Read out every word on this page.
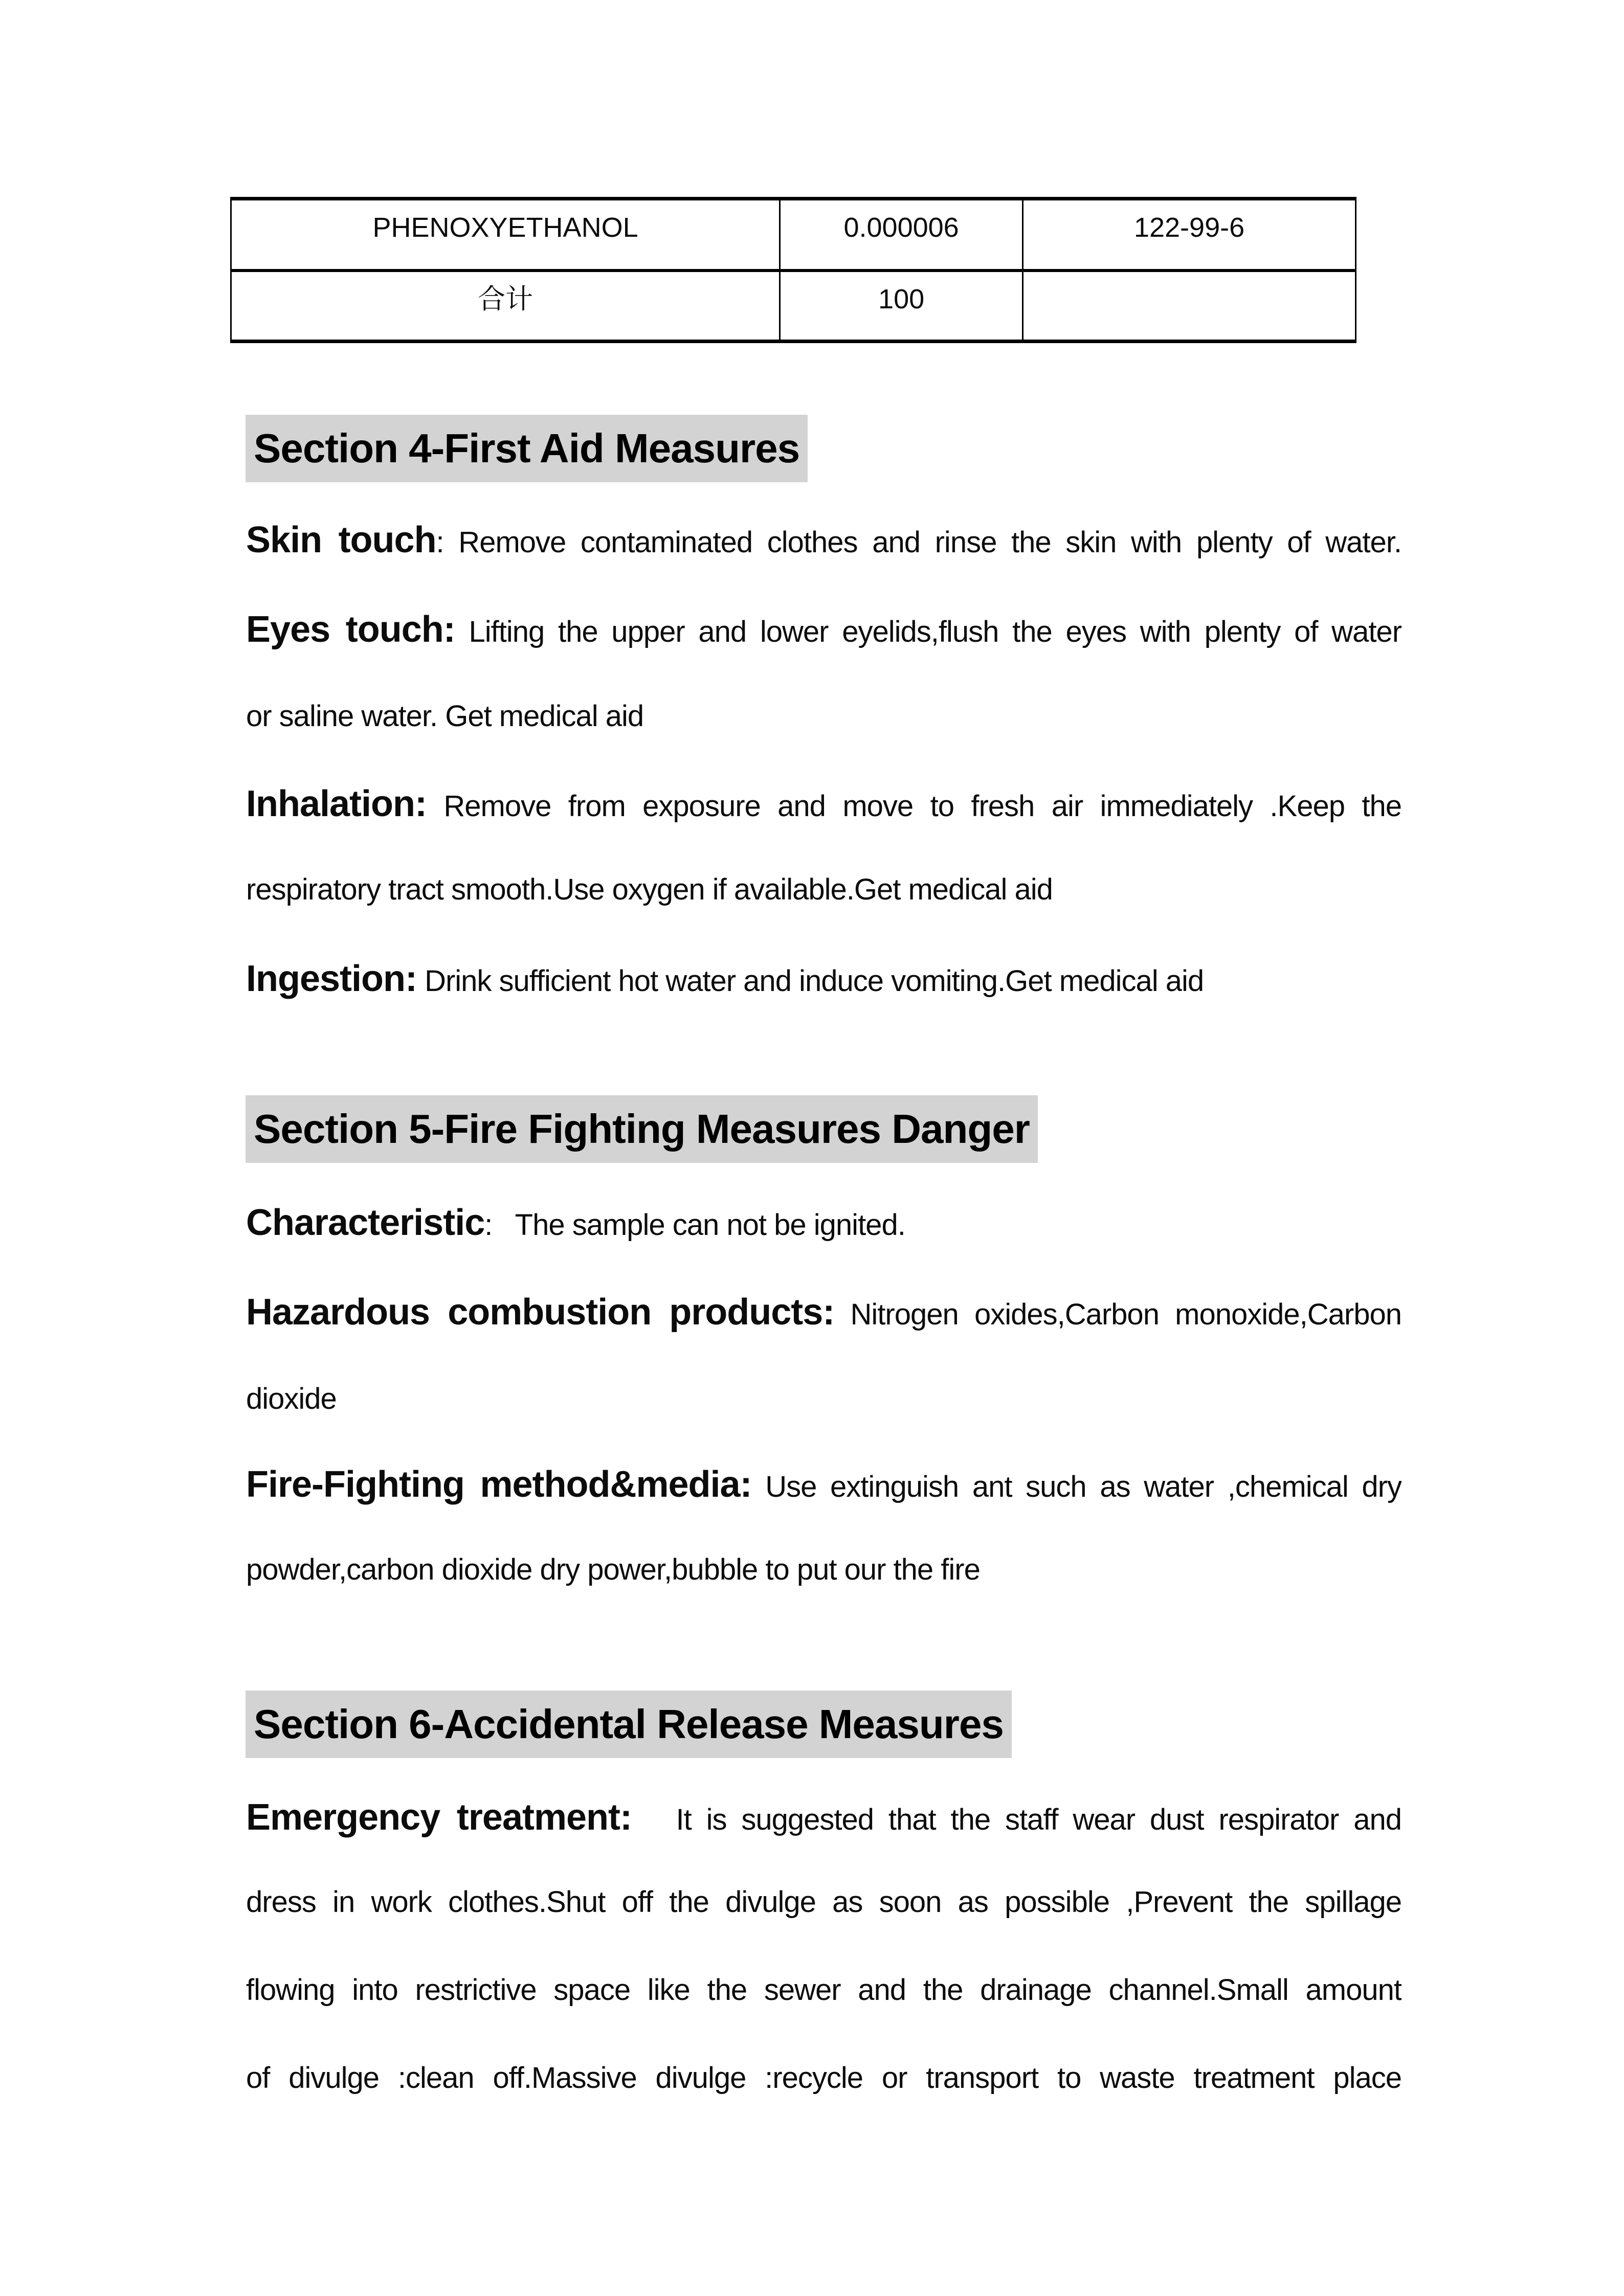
PHENOXYETHANOL	0.000006	122-99-6
合计	100	
Section 4-First Aid Measures
Skin touch: Remove contaminated clothes and rinse the skin with plenty of water.
Eyes touch: Lifting the upper and lower eyelids,flush the eyes with plenty of water
or saline water. Get medical aid
Inhalation: Remove from exposure and move to fresh air immediately .Keep the
respiratory tract smooth.Use oxygen if available.Get medical aid
Ingestion: Drink sufficient hot water and induce vomiting.Get medical aid
Section 5-Fire Fighting Measures Danger
Characteristic:   The sample can not be ignited.
Hazardous combustion products: Nitrogen oxides,Carbon monoxide,Carbon
dioxide
Fire-Fighting method&media: Use extinguish ant such as water ,chemical dry
powder,carbon dioxide dry power,bubble to put our the fire
Section 6-Accidental Release Measures
Emergency treatment:   It is suggested that the staff wear dust respirator and
dress in work clothes.Shut off the divulge as soon as possible ,Prevent the spillage
flowing into restrictive space like the sewer and the drainage channel.Small amount
of divulge :clean off.Massive divulge :recycle or transport to waste treatment place
